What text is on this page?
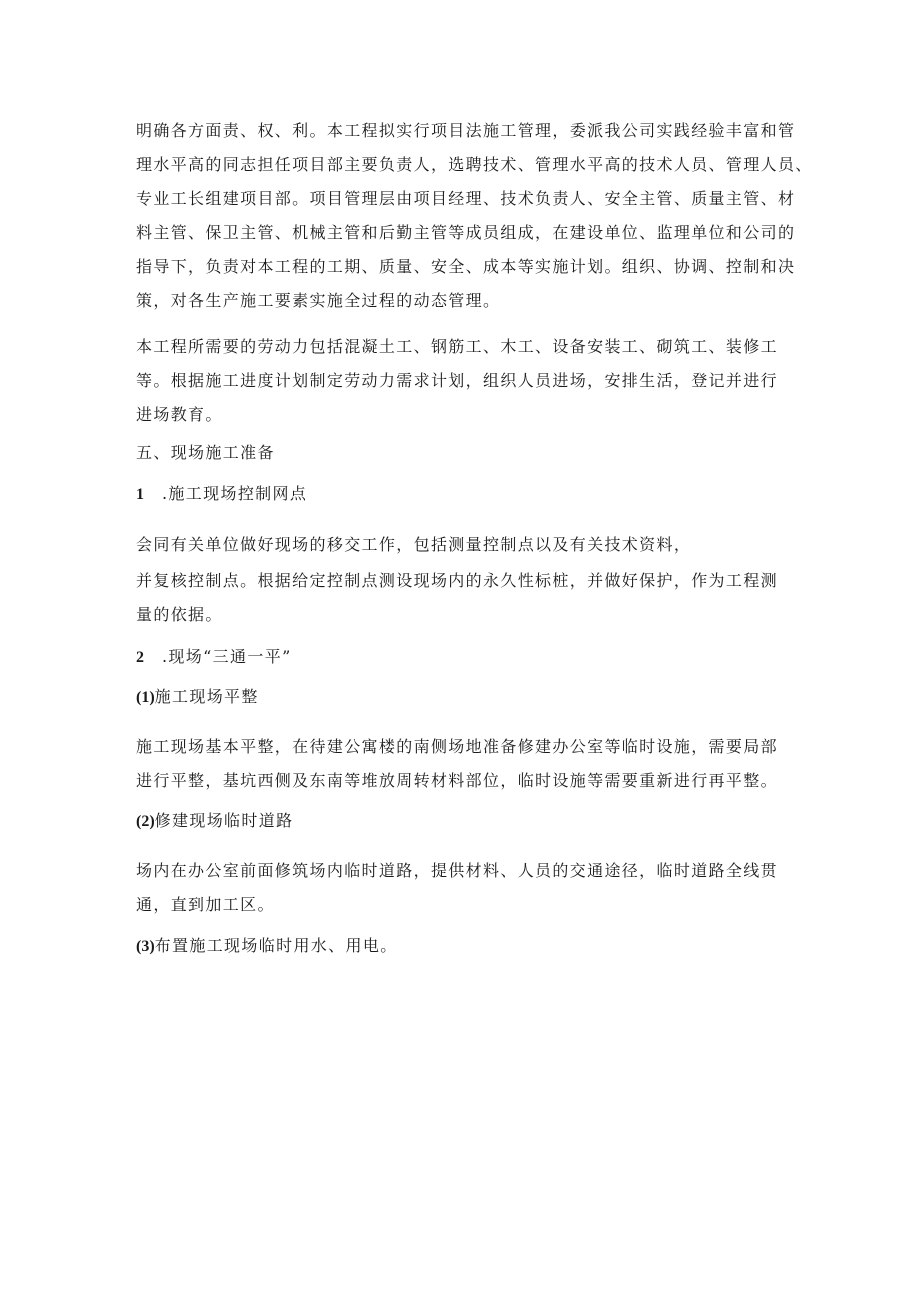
明确各方面责、权、利。本工程拟实行项目法施工管理，委派我公司实践经验丰富和管
理水平高的同志担任项目部主要负责人，选聘技术、管理水平高的技术人员、管理人员、
专业工长组建项目部。项目管理层由项目经理、技术负责人、安全主管、质量主管、材
料主管、保卫主管、机械主管和后勤主管等成员组成，在建设单位、监理单位和公司的
指导下，负责对本工程的工期、质量、安全、成本等实施计划。组织、协调、控制和决
策，对各生产施工要素实施全过程的动态管理。
本工程所需要的劳动力包括混凝土工、钢筋工、木工、设备安装工、砌筑工、装修工
等。根据施工进度计划制定劳动力需求计划，组织人员进场，安排生活，登记并进行
进场教育。
五、现场施工准备
1 .施工现场控制网点
会同有关单位做好现场的移交工作，包括测量控制点以及有关技术资料，
并复核控制点。根据给定控制点测设现场内的永久性标桩，并做好保护，作为工程测
量的依据。
2 .现场“三通一平”
(1)施工现场平整
施工现场基本平整，在待建公寓楼的南侧场地准备修建办公室等临时设施，需要局部
进行平整，基坑西侧及东南等堆放周转材料部位，临时设施等需要重新进行再平整。
(2)修建现场临时道路
场内在办公室前面修筑场内临时道路，提供材料、人员的交通途径，临时道路全线贯
通，直到加工区。
(3)布置施工现场临时用水、用电。
